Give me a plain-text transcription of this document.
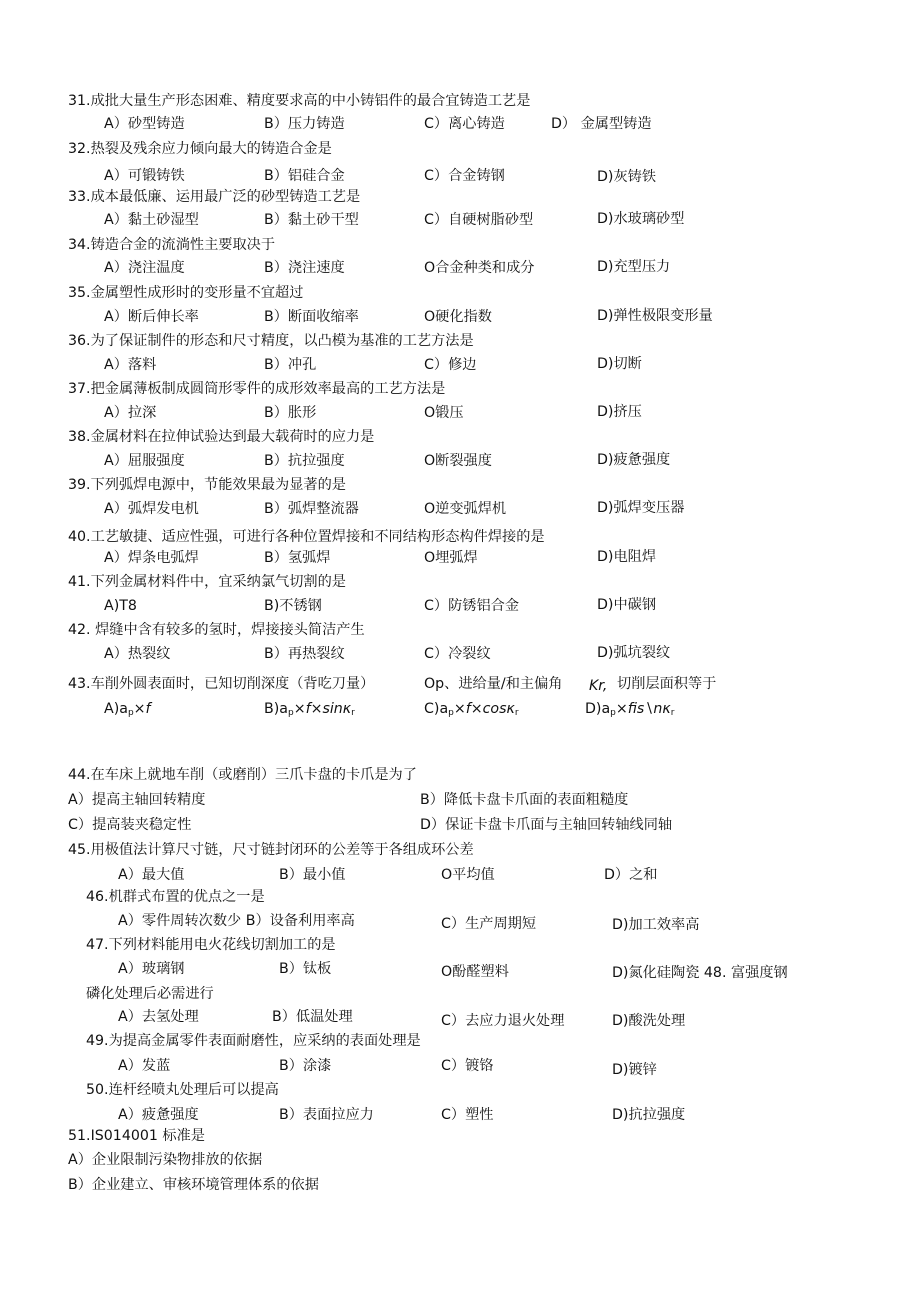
31.成批大量生产形态困难、精度要求高的中小铸铝件的最合宜铸造工艺是
A）砂型铸造	B）压力铸造	C）离心铸造	D） 金属型铸造
32.热裂及残余应力倾向最大的铸造合金是
A）可锻铸铁	B）铝硅合金	C）合金铸钢	D)灰铸铁
33.成本最低廉、运用最广泛的砂型铸造工艺是
A）黏土砂湿型	B）黏土砂干型	C）自硬树脂砂型	D)水玻璃砂型
34.铸造合金的流淌性主要取决于
A）浇注温度	B）浇注速度	O合金种类和成分	D)充型压力
35.金属塑性成形时的变形量不宜超过
A）断后伸长率	B）断面收缩率	O硬化指数	D)弹性极限变形量
36.为了保证制件的形态和尺寸精度，以凸模为基准的工艺方法是
A）落料	B）冲孔	C）修边	D)切断
37.把金属薄板制成圆筒形零件的成形效率最高的工艺方法是
A）拉深	B）胀形	O锻压	D)挤压
38.金属材料在拉伸试验达到最大载荷时的应力是
A）屈服强度	B）抗拉强度	O断裂强度	D)疲惫强度
39.下列弧焊电源中，节能效果最为显著的是
A）弧焊发电机	B）弧焊整流器	O逆变弧焊机	D)弧焊变压器
40.工艺敏捷、适应性强，可进行各种位置焊接和不同结构形态构件焊接的是
A）焊条电弧焊	B）氢弧焊	O埋弧焊	D)电阻焊
41.下列金属材料件中，宜采纳氯气切割的是
A)T8	B)不锈钢	C）防锈铝合金	D)中碳钢
42. 焊缝中含有较多的氢时，焊接接头简洁产生
A）热裂纹	B）再热裂纹	C）冷裂纹	D)弧坑裂纹
43.车削外圆表面时，已知切削深度（背吃刀量）	Op、进给量/和主偏角 Kr, 切削层面积等于
$A)a_p\times f$	$B)a_p\times f\times\sin\kappa_r$	$C)a_p\times f\times\cos\kappa_r$	$D)a_p\times fis∖n\kappa_r$
44.在车床上就地车削（或磨削）三爪卡盘的卡爪是为了
A）提高主轴回转精度	B）降低卡盘卡爪面的表面粗糙度
C）提高装夹稳定性	D）保证卡盘卡爪面与主轴回转轴线同轴
45.用极值法计算尺寸链，尺寸链封闭环的公差等于各组成环公差
A）最大值	B）最小值	O平均值	D）之和
46.机群式布置的优点之一是
A）零件周转次数少 B）设备利用率高	C）生产周期短	D)加工效率高
47.下列材料能用电火花线切割加工的是
A）玻璃钢	B）钛板	O酚醛塑料	D)氮化硅陶瓷 48. 富强度钢
磷化处理后必需进行
A）去氢处理	B）低温处理	C）去应力退火处理	D)酸洗处理
49.为提高金属零件表面耐磨性，应采纳的表面处理是
A）发蓝	B）涂漆	C）镀铬	D)镀锌
50.连杆经喷丸处理后可以提高
A）疲惫强度	B）表面拉应力	C）塑性	D)抗拉强度
51.IS014001 标准是
A）企业限制污染物排放的依据
B）企业建立、审核环境管理体系的依据
